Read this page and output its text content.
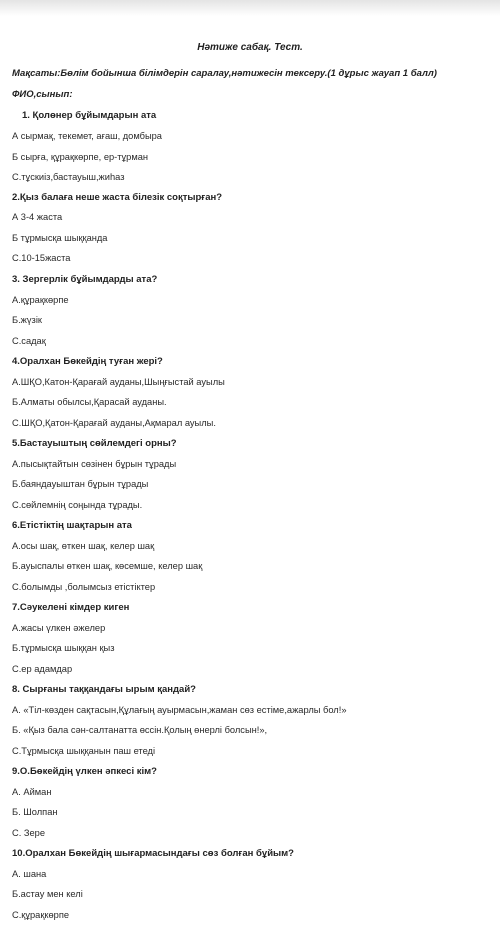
Нәтиже сабақ. Тест.
Мақсаты:Бөлім бойынша білімдерін саралау,нәтижесін тексеру.(1 дұрыс жауап 1 балл)
ФИО,сынып:
1. Қолөнер бұйымдарын ата
А сырмақ, текемет, ағаш, домбыра
Б сырға, құрақкөрпе, ер-тұрман
С.тұскиіз,бастауыш,жиһаз
2.Қыз балаға неше жаста білезік соқтырған?
А 3-4 жаста
Б тұрмысқа шыққанда
С.10-15жаста
3. Зергерлік бұйымдарды ата?
А.құрақкөрпе
Б.жүзік
С.садақ
4.Оралхан Бөкейдің туған жері?
А.ШҚО,Катон-Қарағай ауданы,Шыңғыстай ауылы
Б.Алматы обылсы,Қарасай ауданы.
С.ШҚО,Қатон-Қарағай ауданы,Ақмарал ауылы.
5.Бастауыштың сөйлемдегі орны?
А.пысықтайтын сөзінен бұрын тұрады
Б.баяндауыштан бұрын тұрады
С.сөйлемнің соңында тұрады.
6.Етістіктің шақтарын ата
А.осы шақ, өткен шақ, келер шақ
Б.ауыспалы өткен шақ, көсемше, келер шақ
С.болымды ,болымсыз етістіктер
7.Сәукелені кімдер киген
А.жасы үлкен әжелер
Б.тұрмысқа шыққан қыз
С.ер адамдар
8. Сырғаны таққандағы ырым қандай?
А. «Тіл-көзден сақтасын,Құлағың ауырмасын,жаман сөз естіме,ажарлы бол!»
Б. «Қыз бала сән-салтанатта өссін.Қолың өнерлі болсын!»,
С.Тұрмысқа шыққанын паш етеді
9.О.Бөкейдің үлкен әпкесі кім?
А. Айман
Б. Шолпан
С. Зере
10.Оралхан Бөкейдің шығармасындағы сөз болған бұйым?
А. шана
Б.астау мен келі
С.құрақкөрпе
